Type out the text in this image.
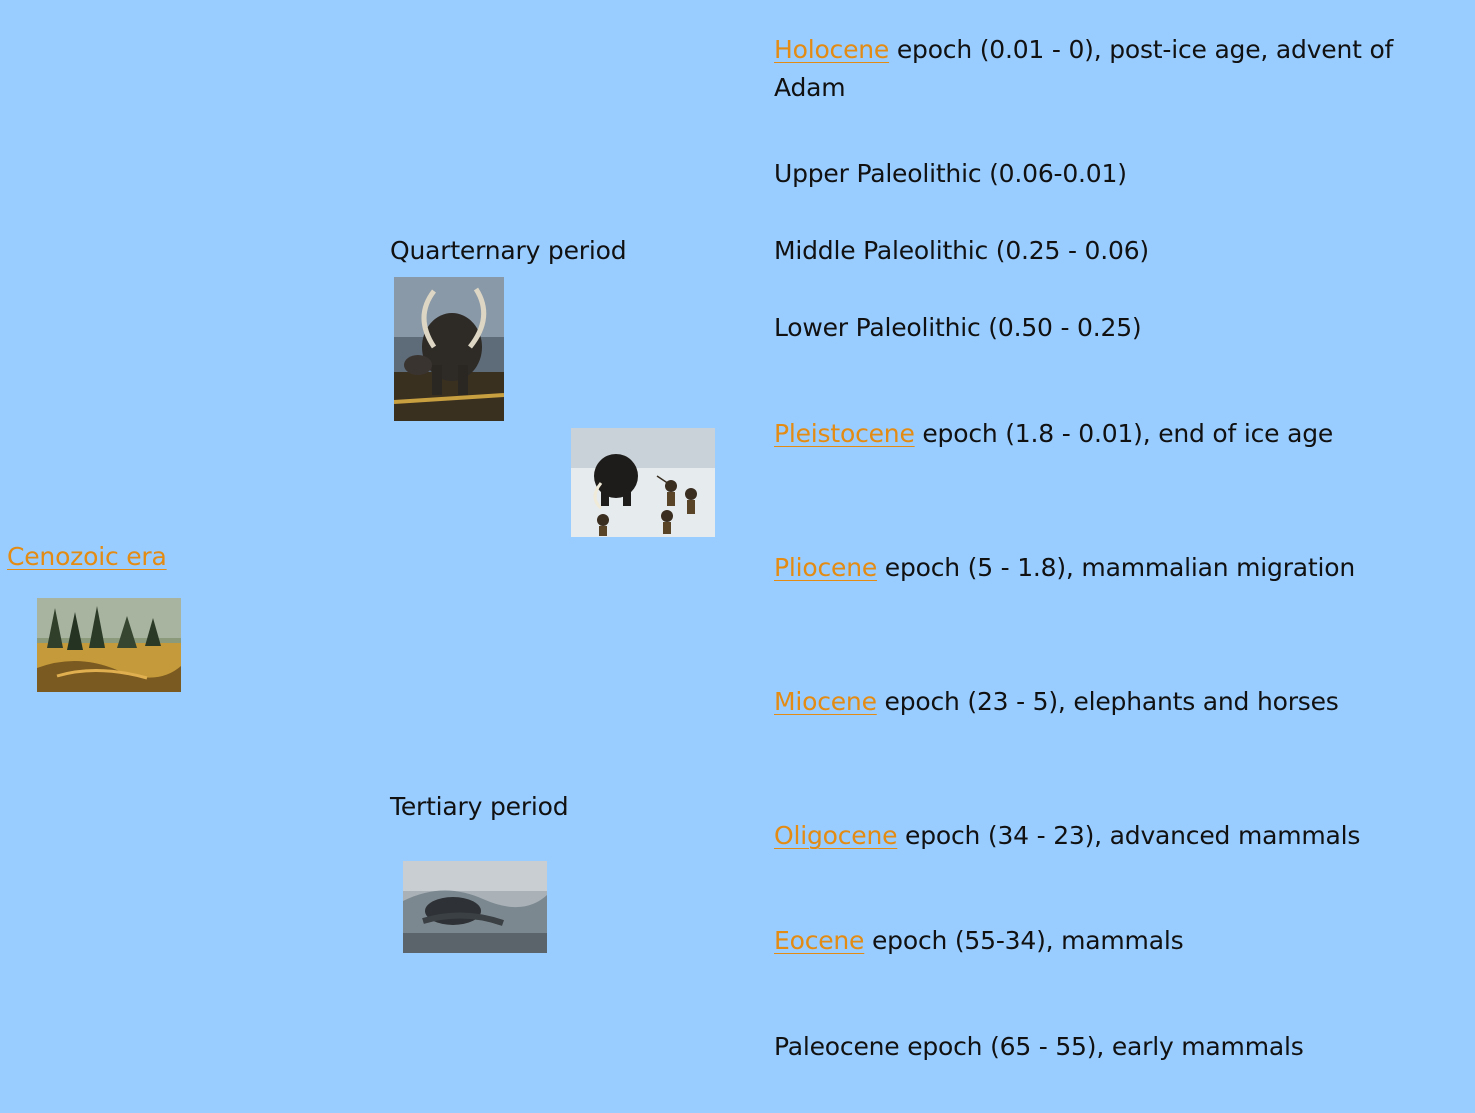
Cenozoic era
Quarternary period
Tertiary period
Holocene epoch (0.01 - 0), post-ice age, advent of Adam
Upper Paleolithic (0.06-0.01)
Middle Paleolithic (0.25 - 0.06)
Lower Paleolithic (0.50 - 0.25)
Pleistocene epoch (1.8 - 0.01), end of ice age
Pliocene epoch (5 - 1.8), mammalian migration
Miocene epoch (23 - 5), elephants and horses
Oligocene epoch (34 - 23), advanced mammals
Eocene epoch (55-34), mammals
Paleocene epoch (65 - 55), early mammals
